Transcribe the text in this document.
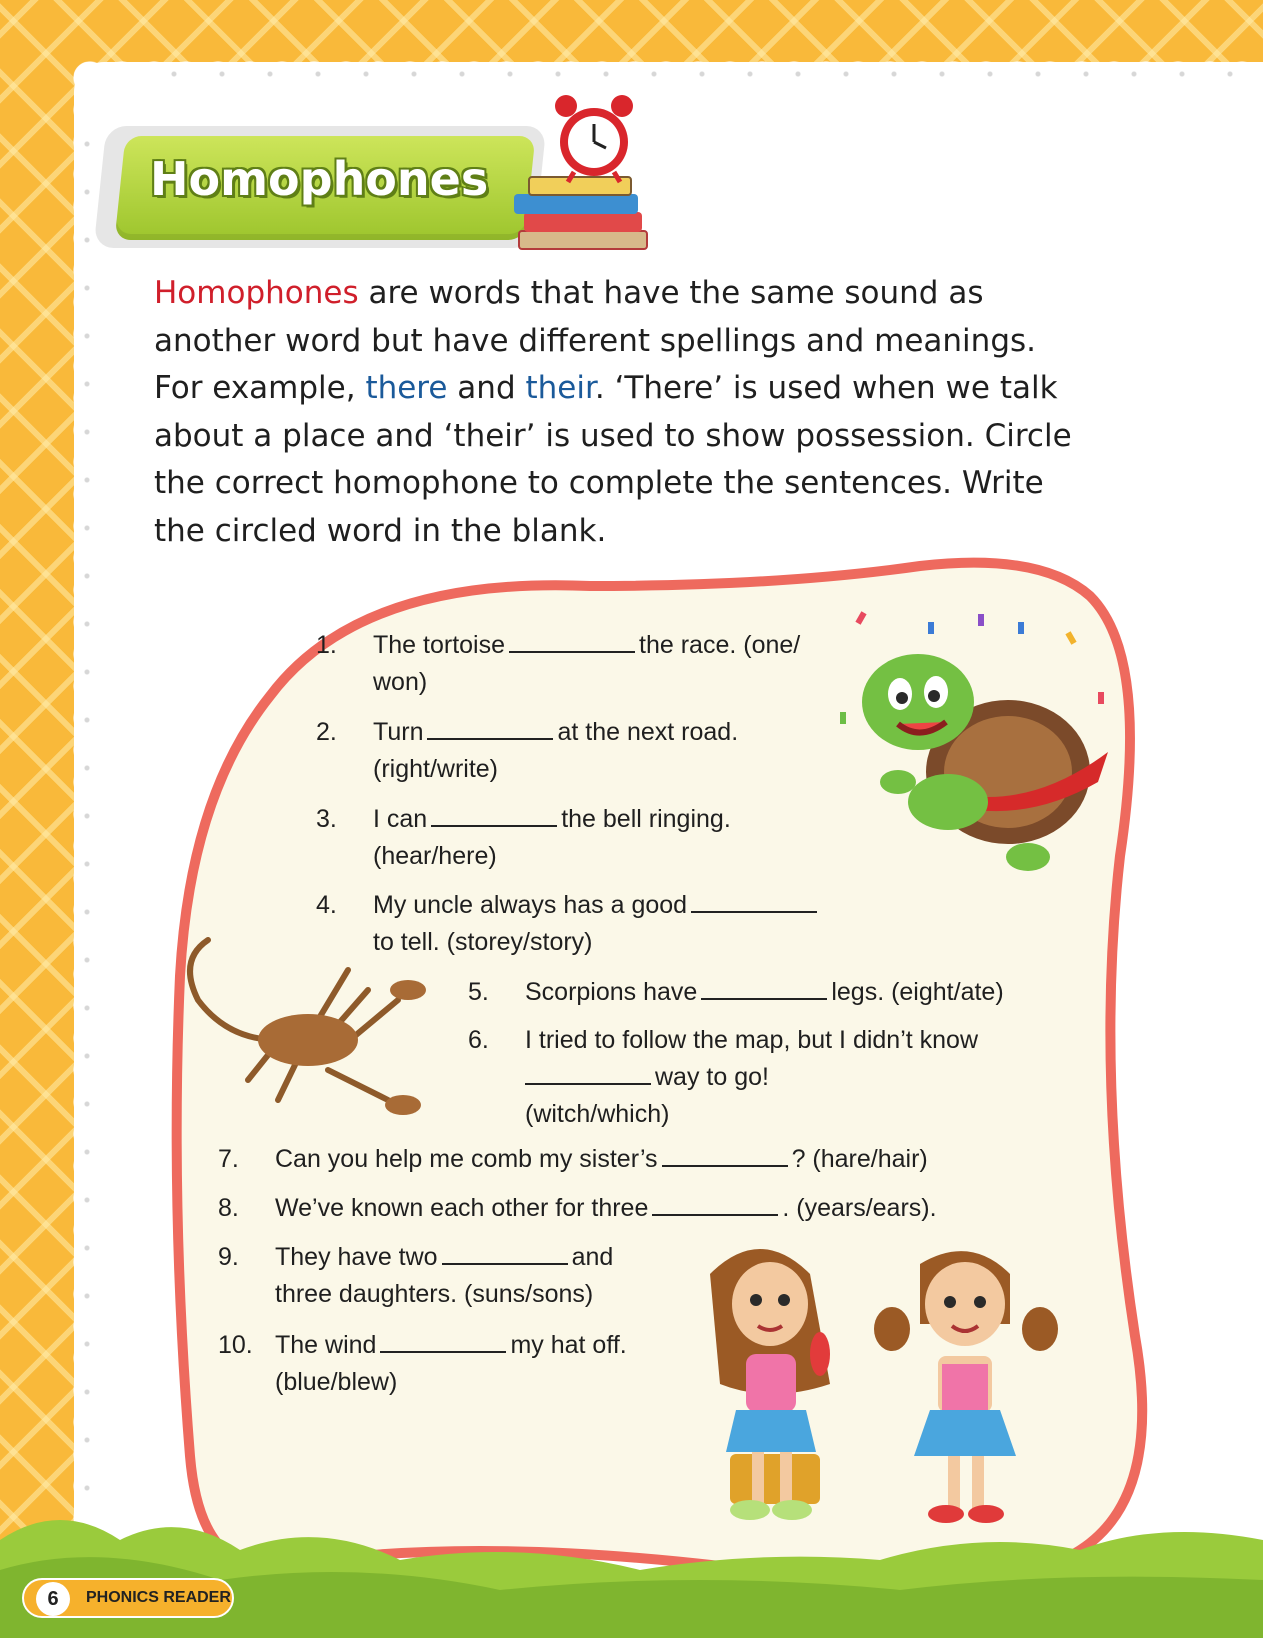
Homophones

Homophones are words that have the same sound as another word but have different spellings and meanings. For example, there and their. ‘There’ is used when we talk about a place and ‘their’ is used to show possession. Circle the correct homophone to complete the sentences. Write the circled word in the blank.

1. The tortoise	the race. (one/
won)
2. Turn	at the next road.
(right/write)
3. I can	the bell ringing.
(hear/here)
4. My uncle always has a good
to tell. (storey/story)
5. Scorpions have	legs. (eight/ate)
6. I tried to follow the map, but I didn’t know
way to go!
(witch/which)
7. Can you help me comb my sister’s	? (hare/hair)
8. We’ve known each other for three	. (years/ears).
9. They have two	and
three daughters. (suns/sons)
10. The wind	my hat off.
(blue/blew)
6	PHONICS READER
